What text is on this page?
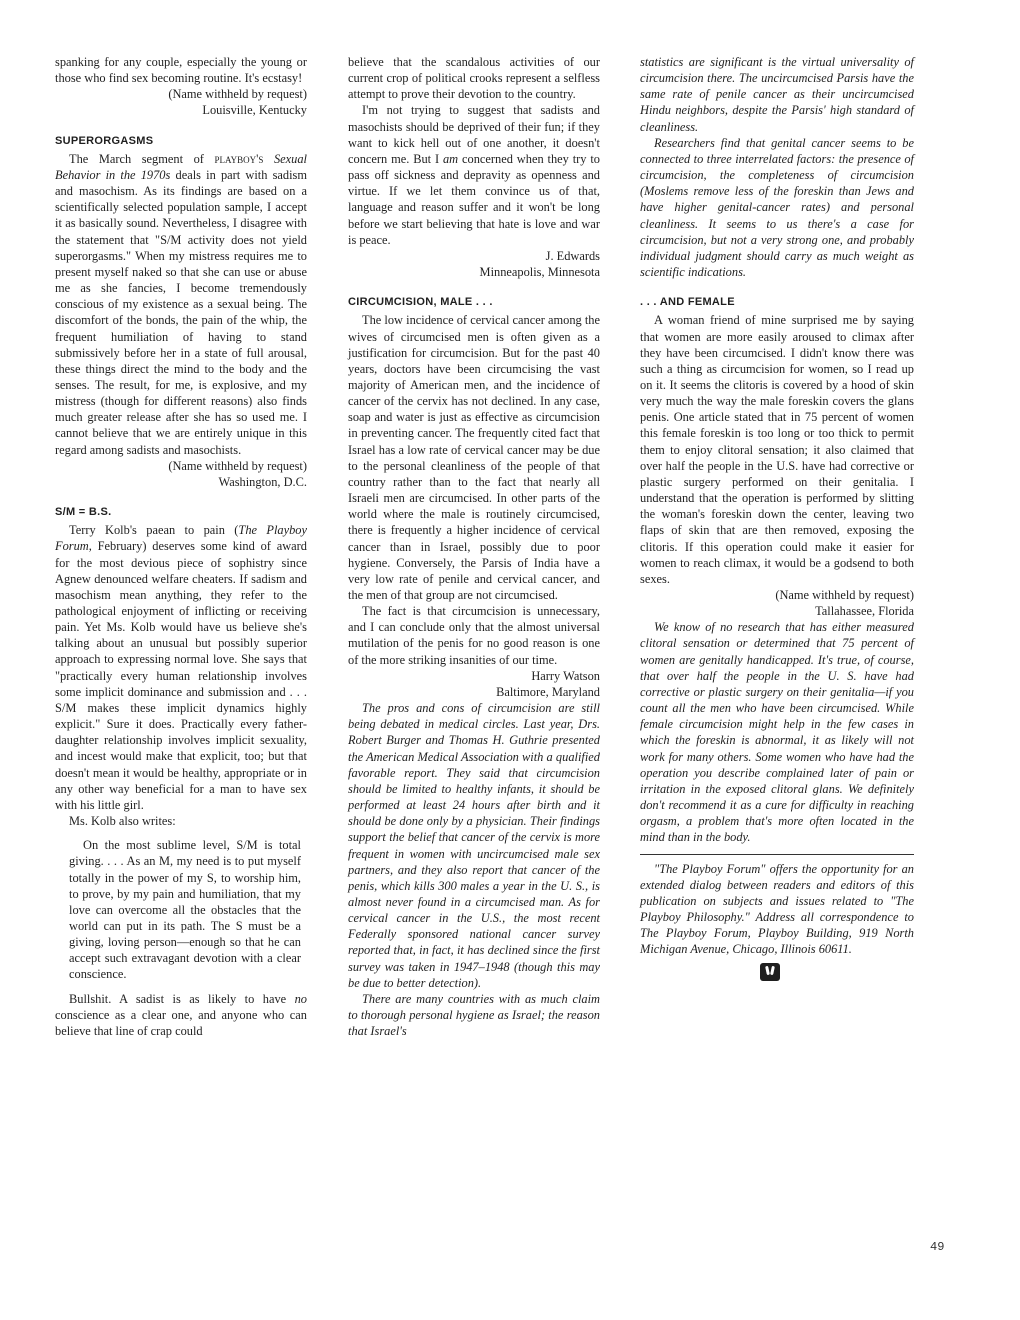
spanking for any couple, especially the young or those who find sex becoming routine. It's ecstasy!

(Name withheld by request)
Louisville, Kentucky

SUPERORGASMS

The March segment of playboy's Sexual Behavior in the 1970s deals in part with sadism and masochism. As its findings are based on a scientifically selected population sample, I accept it as basically sound. Nevertheless, I disagree with the statement that "S/M activity does not yield superorgasms." When my mistress requires me to present myself naked so that she can use or abuse me as she fancies, I become tremendously conscious of my existence as a sexual being. The discomfort of the bonds, the pain of the whip, the frequent humiliation of having to stand submissively before her in a state of full arousal, these things direct the mind to the body and the senses. The result, for me, is explosive, and my mistress (though for different reasons) also finds much greater release after she has so used me. I cannot believe that we are entirely unique in this regard among sadists and masochists.

(Name withheld by request)
Washington, D.C.

S/M = B.S.

Terry Kolb's paean to pain (The Playboy Forum, February) deserves some kind of award for the most devious piece of sophistry since Agnew denounced welfare cheaters. If sadism and masochism mean anything, they refer to the pathological enjoyment of inflicting or receiving pain. Yet Ms. Kolb would have us believe she's talking about an unusual but possibly superior approach to expressing normal love. She says that "practically every human relationship involves some implicit dominance and submission and . . . S/M makes these implicit dynamics highly explicit." Sure it does. Practically every father-daughter relationship involves implicit sexuality, and incest would make that explicit, too; but that doesn't mean it would be healthy, appropriate or in any other way beneficial for a man to have sex with his little girl.

Ms. Kolb also writes:

On the most sublime level, S/M is total giving. . . . As an M, my need is to put myself totally in the power of my S, to worship him, to prove, by my pain and humiliation, that my love can overcome all the obstacles that the world can put in its path. The S must be a giving, loving person—enough so that he can accept such extravagant devotion with a clear conscience.

Bullshit. A sadist is as likely to have no conscience as a clear one, and anyone who can believe that line of crap could

believe that the scandalous activities of our current crop of political crooks represent a selfless attempt to prove their devotion to the country.

I'm not trying to suggest that sadists and masochists should be deprived of their fun; if they want to kick hell out of one another, it doesn't concern me. But I am concerned when they try to pass off sickness and depravity as openness and virtue. If we let them convince us of that, language and reason suffer and it won't be long before we start believing that hate is love and war is peace.

J. Edwards
Minneapolis, Minnesota

CIRCUMCISION, MALE . . .

The low incidence of cervical cancer among the wives of circumcised men is often given as a justification for circumcision. But for the past 40 years, doctors have been circumcising the vast majority of American men, and the incidence of cancer of the cervix has not declined. In any case, soap and water is just as effective as circumcision in preventing cancer. The frequently cited fact that Israel has a low rate of cervical cancer may be due to the personal cleanliness of the people of that country rather than to the fact that nearly all Israeli men are circumcised. In other parts of the world where the male is routinely circumcised, there is frequently a higher incidence of cervical cancer than in Israel, possibly due to poor hygiene. Conversely, the Parsis of India have a very low rate of penile and cervical cancer, and the men of that group are not circumcised.

The fact is that circumcision is unnecessary, and I can conclude only that the almost universal mutilation of the penis for no good reason is one of the more striking insanities of our time.

Harry Watson
Baltimore, Maryland

The pros and cons of circumcision are still being debated in medical circles. Last year, Drs. Robert Burger and Thomas H. Guthrie presented the American Medical Association with a qualified favorable report. They said that circumcision should be limited to healthy infants, it should be performed at least 24 hours after birth and it should be done only by a physician. Their findings support the belief that cancer of the cervix is more frequent in women with uncircumcised male sex partners, and they also report that cancer of the penis, which kills 300 males a year in the U. S., is almost never found in a circumcised man. As for cervical cancer in the U.S., the most recent Federally sponsored national cancer survey reported that, in fact, it has declined since the first survey was taken in 1947–1948 (though this may be due to better detection).

There are many countries with as much claim to thorough personal hygiene as Israel; the reason that Israel's

statistics are significant is the virtual universality of circumcision there. The uncircumcised Parsis have the same rate of penile cancer as their uncircumcised Hindu neighbors, despite the Parsis' high standard of cleanliness.

Researchers find that genital cancer seems to be connected to three interrelated factors: the presence of circumcision, the completeness of circumcision (Moslems remove less of the foreskin than Jews and have higher genital-cancer rates) and personal cleanliness. It seems to us there's a case for circumcision, but not a very strong one, and probably individual judgment should carry as much weight as scientific indications.

. . . AND FEMALE

A woman friend of mine surprised me by saying that women are more easily aroused to climax after they have been circumcised. I didn't know there was such a thing as circumcision for women, so I read up on it. It seems the clitoris is covered by a hood of skin very much the way the male foreskin covers the glans penis. One article stated that in 75 percent of women this female foreskin is too long or too thick to permit them to enjoy clitoral sensation; it also claimed that over half the people in the U.S. have had corrective or plastic surgery performed on their genitalia. I understand that the operation is performed by slitting the woman's foreskin down the center, leaving two flaps of skin that are then removed, exposing the clitoris. If this operation could make it easier for women to reach climax, it would be a godsend to both sexes.

(Name withheld by request)
Tallahassee, Florida

We know of no research that has either measured clitoral sensation or determined that 75 percent of women are genitally handicapped. It's true, of course, that over half the people in the U. S. have had corrective or plastic surgery on their genitalia—if you count all the men who have been circumcised. While female circumcision might help in the few cases in which the foreskin is abnormal, it as likely will not work for many others. Some women who have had the operation you describe complained later of pain or irritation in the exposed clitoral glans. We definitely don't recommend it as a cure for difficulty in reaching orgasm, a problem that's more often located in the mind than in the body.

"The Playboy Forum" offers the opportunity for an extended dialog between readers and editors of this publication on subjects and issues related to "The Playboy Philosophy." Address all correspondence to The Playboy Forum, Playboy Building, 919 North Michigan Avenue, Chicago, Illinois 60611.

49
